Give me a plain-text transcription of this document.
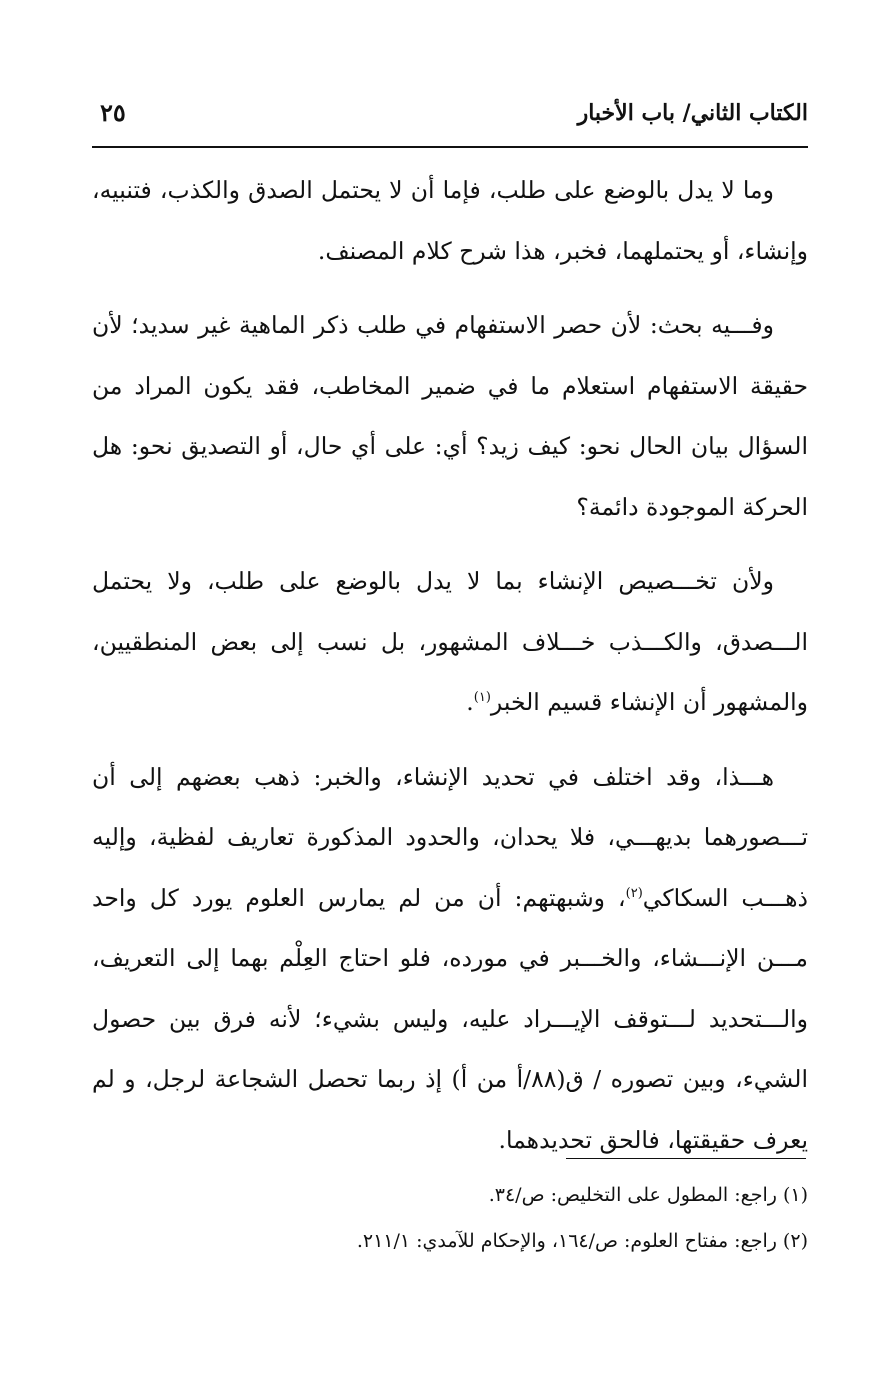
الكتاب الثاني/ باب الأخبار
٢٥

وما لا يدل بالوضع على طلب، فإما أن لا يحتمل الصدق والكذب، فتنبيه، وإنشاء، أو يحتملهما، فخبر، هذا شرح كلام المصنف.

وفـــيه بحث: لأن حصر الاستفهام في طلب ذكر الماهية غير سديد؛ لأن حقيقة الاستفهام استعلام ما في ضمير المخاطب، فقد يكون المراد من السؤال بيان الحال نحو: كيف زيد؟ أي: على أي حال، أو التصديق نحو: هل الحركة الموجودة دائمة؟

ولأن تخـــصيص الإنشاء بما لا يدل بالوضع على طلب، ولا يحتمل الـــصدق، والكـــذب خـــلاف المشهور، بل نسب إلى بعض المنطقيين، والمشهور أن الإنشاء قسيم الخبر$^{(١)}$.

هـــذا، وقد اختلف في تحديد الإنشاء، والخبر: ذهب بعضهم إلى أن تـــصورهما بديهـــي، فلا يحدان، والحدود المذكورة تعاريف لفظية، وإليه ذهـــب السكاكي$^{(٢)}$، وشبهتهم: أن من لم يمارس العلوم يورد كل واحد مـــن الإنـــشاء، والخـــبر في مورده، فلو احتاج العِلْم بهما إلى التعريف، والـــتحديد لـــتوقف الإيـــراد عليه، وليس بشيء؛ لأنه فرق بين حصول الشيء، وبين تصوره / ق(٨٨/أ من أ) إذ ربما تحصل الشجاعة لرجل، و لم يعرف حقيقتها، فالحق تحديدهما.

(١) راجع: المطول على التخليص: ص/٣٤.

(٢) راجع: مفتاح العلوم: ص/١٦٤، والإحكام للآمدي: ٢١١/١.
